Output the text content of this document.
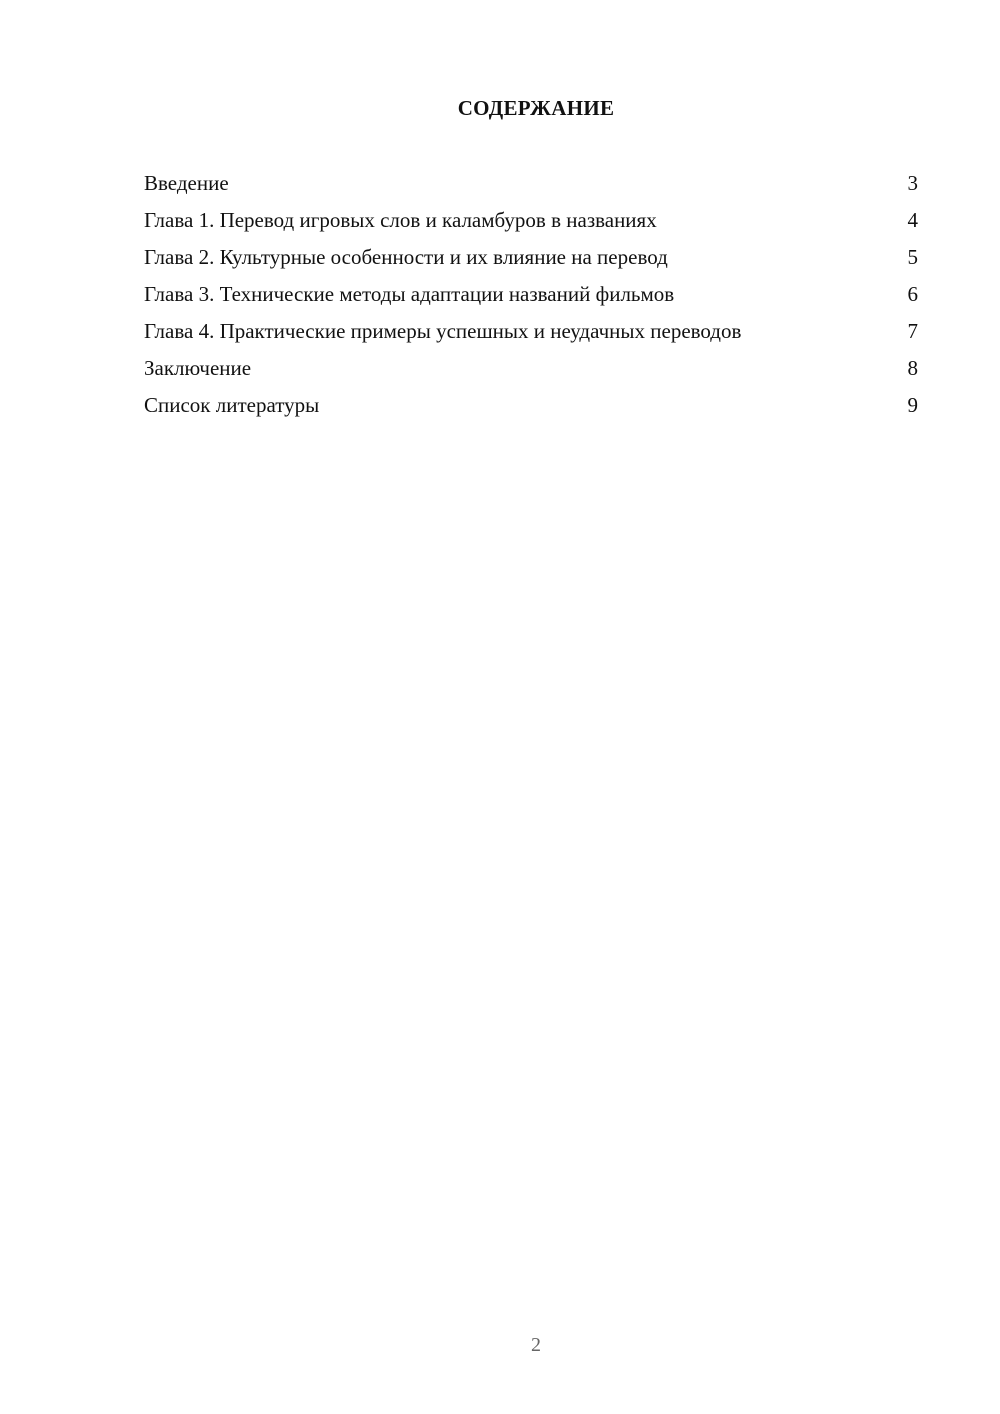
СОДЕРЖАНИЕ
Введение	3
Глава 1. Перевод игровых слов и каламбуров в названиях	4
Глава 2. Культурные особенности и их влияние на перевод	5
Глава 3. Технические методы адаптации названий фильмов	6
Глава 4. Практические примеры успешных и неудачных переводов	7
Заключение	8
Список литературы	9
2
